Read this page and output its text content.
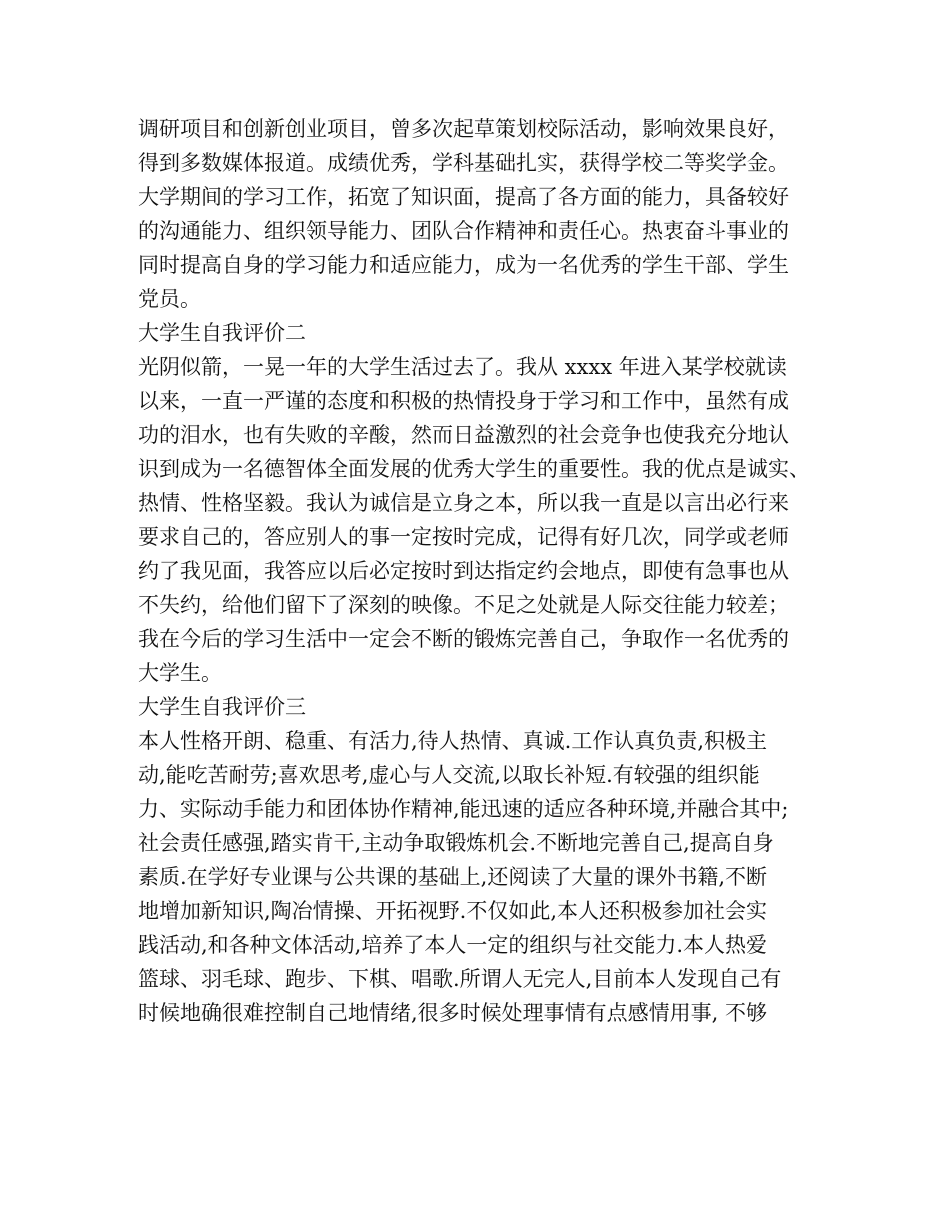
调研项目和创新创业项目，曾多次起草策划校际活动，影响效果良好，
得到多数媒体报道。成绩优秀，学科基础扎实，获得学校二等奖学金。
大学期间的学习工作，拓宽了知识面，提高了各方面的能力，具备较好
的沟通能力、组织领导能力、团队合作精神和责任心。热衷奋斗事业的
同时提高自身的学习能力和适应能力，成为一名优秀的学生干部、学生
党员。
大学生自我评价二
光阴似箭，一晃一年的大学生活过去了。我从 xxxx 年进入某学校就读
以来，一直一严谨的态度和积极的热情投身于学习和工作中，虽然有成
功的泪水，也有失败的辛酸，然而日益激烈的社会竞争也使我充分地认
识到成为一名德智体全面发展的优秀大学生的重要性。我的优点是诚实、
热情、性格坚毅。我认为诚信是立身之本，所以我一直是以言出必行来
要求自己的，答应别人的事一定按时完成，记得有好几次，同学或老师
约了我见面，我答应以后必定按时到达指定约会地点，即使有急事也从
不失约，给他们留下了深刻的映像。不足之处就是人际交往能力较差；
我在今后的学习生活中一定会不断的锻炼完善自己，争取作一名优秀的
大学生。
大学生自我评价三
本人性格开朗、稳重、有活力,待人热情、真诚.工作认真负责,积极主
动,能吃苦耐劳;喜欢思考,虚心与人交流,以取长补短.有较强的组织能
力、实际动手能力和团体协作精神,能迅速的适应各种环境,并融合其中;
社会责任感强,踏实肯干,主动争取锻炼机会.不断地完善自己,提高自身
素质.在学好专业课与公共课的基础上,还阅读了大量的课外书籍,不断
地增加新知识,陶冶情操、开拓视野.不仅如此,本人还积极参加社会实
践活动,和各种文体活动,培养了本人一定的组织与社交能力.本人热爱
篮球、羽毛球、跑步、下棋、唱歌.所谓人无完人,目前本人发现自己有
时候地确很难控制自己地情绪,很多时候处理事情有点感情用事, 不够
